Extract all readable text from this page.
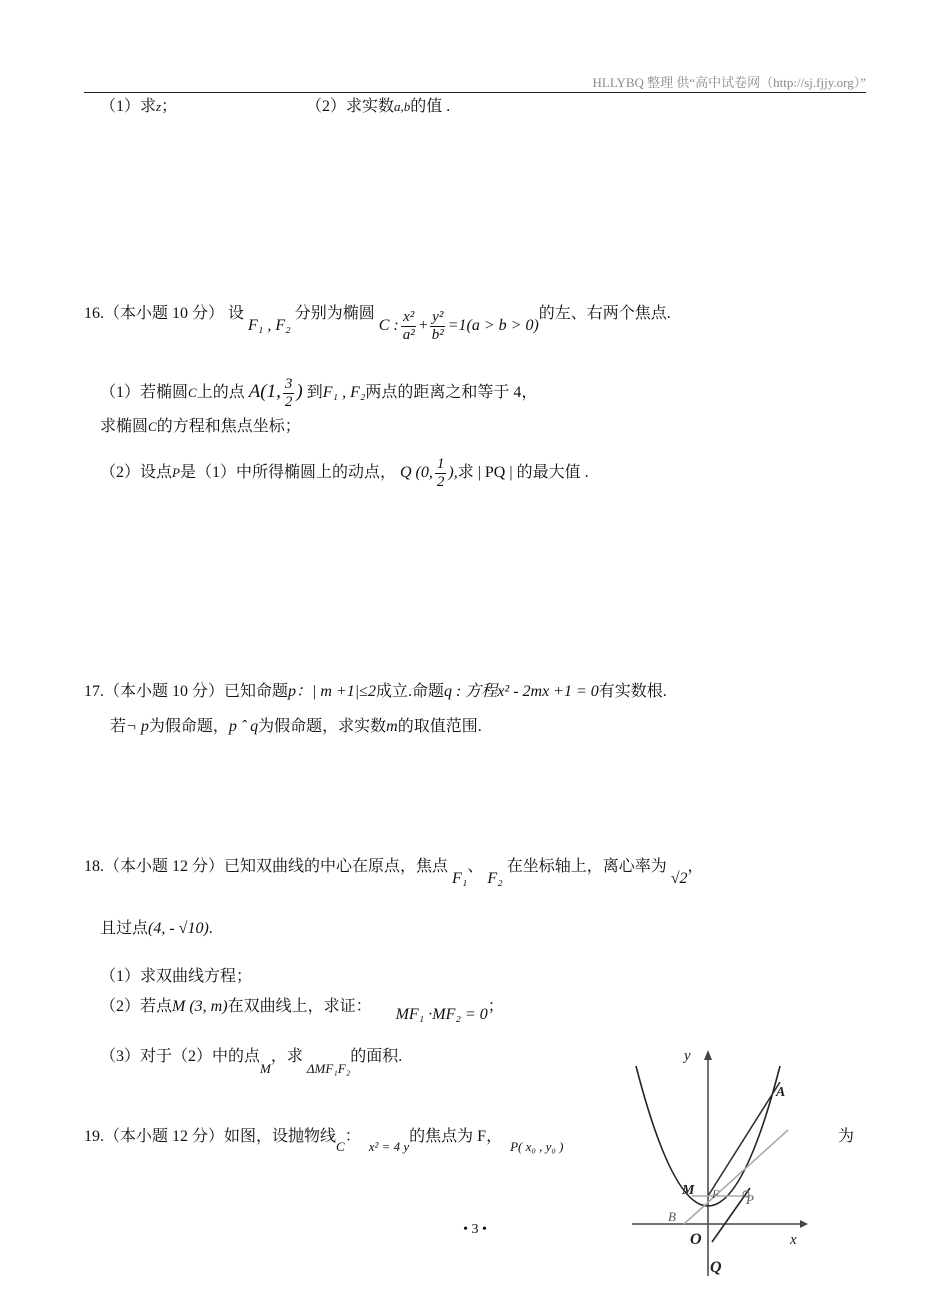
HLLYBQ 整理 供“高中试卷网（http://sj.fjjy.org）”
（1）求z；	（2）求实数a,b的值 .
16.（本小题 10 分） 设 F₁ , F₂ 分别为椭圆 C : $\frac{\text{x²}}{\text{a²}} + \frac{\text{y²}}{\text{b²}} =1(a > b > 0)$的左、右两个焦点.
（1）若椭圆C上的点 A(1, $\frac{3}{2}$ ) 到F₁ , F₂两点的距离之和等于 4，
求椭圆C的方程和焦点坐标；
（2）设点P是（1）中所得椭圆上的动点， Q (0, $\frac{1}{2}$ ),求 | PQ | 的最大值 .
17.（本小题 10 分）已知命题p：| m +1|≤2成立.命题q : 方程x² - 2mx +1 = 0有实数根.
若¬ p为假命题，p ˆ q为假命题，求实数m的取值范围.
18.（本小题 12 分）已知双曲线的中心在原点，焦点 F₁、 F₂ 在坐标轴上，离心率为 √2，
且过点(4, - √10).
（1）求双曲线方程；
（2）若点M (3, m)在双曲线上，求证： MF₁ ·MF₂ = 0；
（3）对于（2）中的点$_M$，求 $_{\Delta MF_1F_2}$的面积.
19.（本小题 12 分）如图，设抛物线$_C$：$_{x^2 = 4 y}$的焦点为 F，$_{P( x_0 , y_0 )}$
为
y
x
A
M F P
B
O
Q
• 3 •
